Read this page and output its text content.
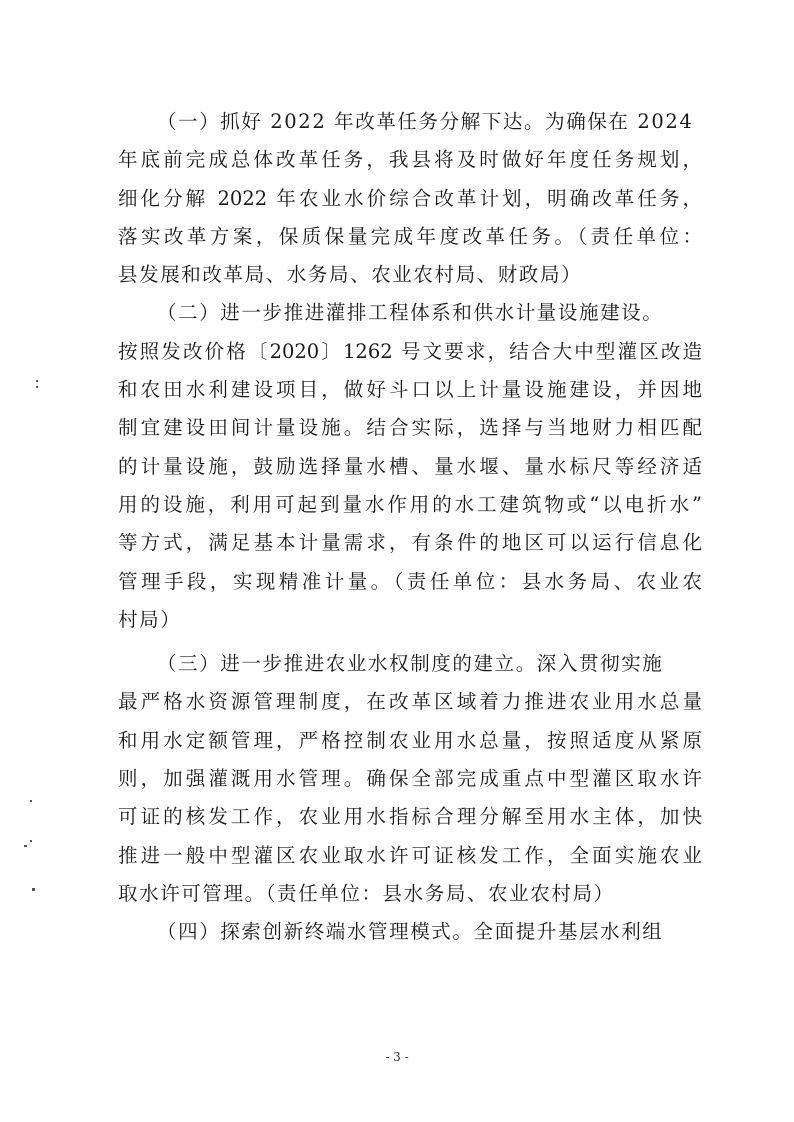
（一）抓好 2022 年改革任务分解下达。为确保在 2024
年底前完成总体改革任务，我县将及时做好年度任务规划，
细化分解 2022 年农业水价综合改革计划，明确改革任务，
落实改革方案，保质保量完成年度改革任务。（责任单位：
县发展和改革局、水务局、农业农村局、财政局）
（二）进一步推进灌排工程体系和供水计量设施建设。
按照发改价格〔2020〕1262 号文要求，结合大中型灌区改造
和农田水利建设项目，做好斗口以上计量设施建设，并因地
制宜建设田间计量设施。结合实际，选择与当地财力相匹配
的计量设施，鼓励选择量水槽、量水堰、量水标尺等经济适
用的设施，利用可起到量水作用的水工建筑物或“以电折水”
等方式，满足基本计量需求，有条件的地区可以运行信息化
管理手段，实现精准计量。（责任单位：县水务局、农业农
村局）
（三）进一步推进农业水权制度的建立。深入贯彻实施
最严格水资源管理制度，在改革区域着力推进农业用水总量
和用水定额管理，严格控制农业用水总量，按照适度从紧原
则，加强灌溉用水管理。确保全部完成重点中型灌区取水许
可证的核发工作，农业用水指标合理分解至用水主体，加快
推进一般中型灌区农业取水许可证核发工作，全面实施农业
取水许可管理。（责任单位：县水务局、农业农村局）
（四）探索创新终端水管理模式。全面提升基层水利组
- 3 -
